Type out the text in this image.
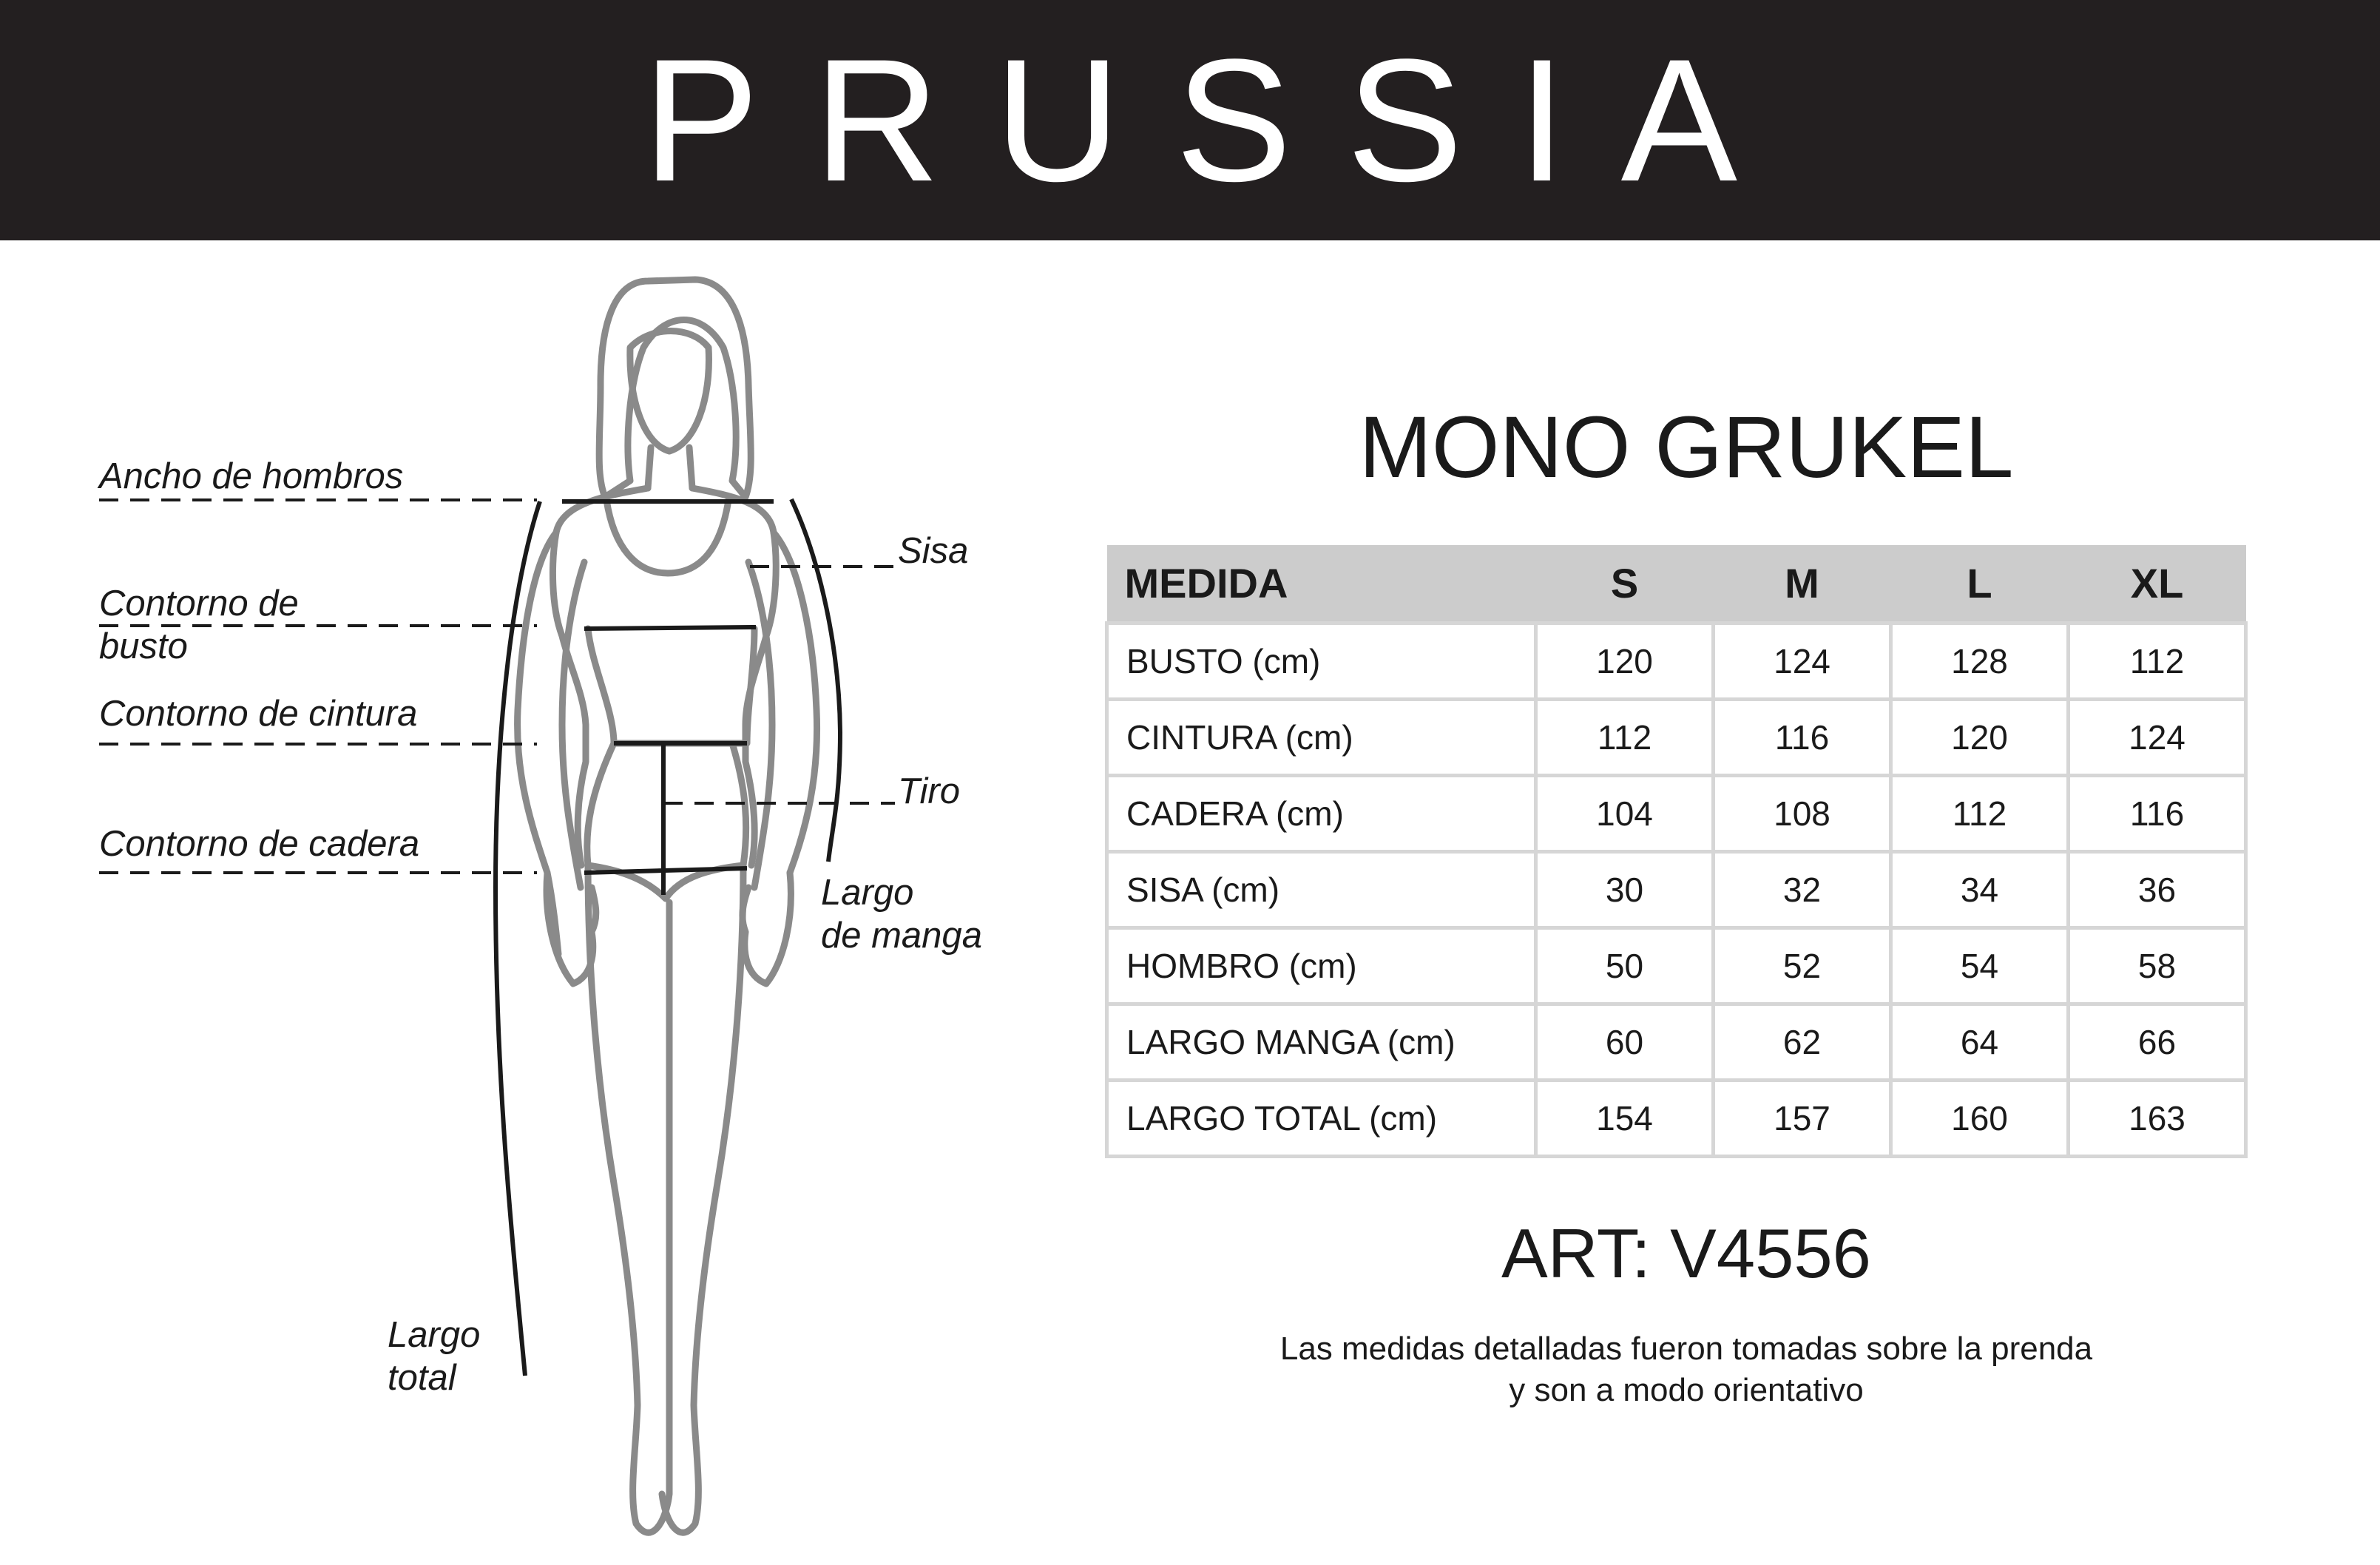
PRUSSIA
Ancho de hombros
Contorno de
busto
Contorno de cintura
Contorno de cadera
Sisa
Tiro
Largo
de manga
Largo
total
MONO GRUKEL
MEDIDA	S	M	L	XL
BUSTO (cm)	120	124	128	112
CINTURA (cm)	112	116	120	124
CADERA (cm)	104	108	112	116
SISA (cm)	30	32	34	36
HOMBRO (cm)	50	52	54	58
LARGO MANGA (cm)	60	62	64	66
LARGO TOTAL (cm)	154	157	160	163
ART: V4556
Las medidas detalladas fueron tomadas sobre la prenda
y son a modo orientativo
